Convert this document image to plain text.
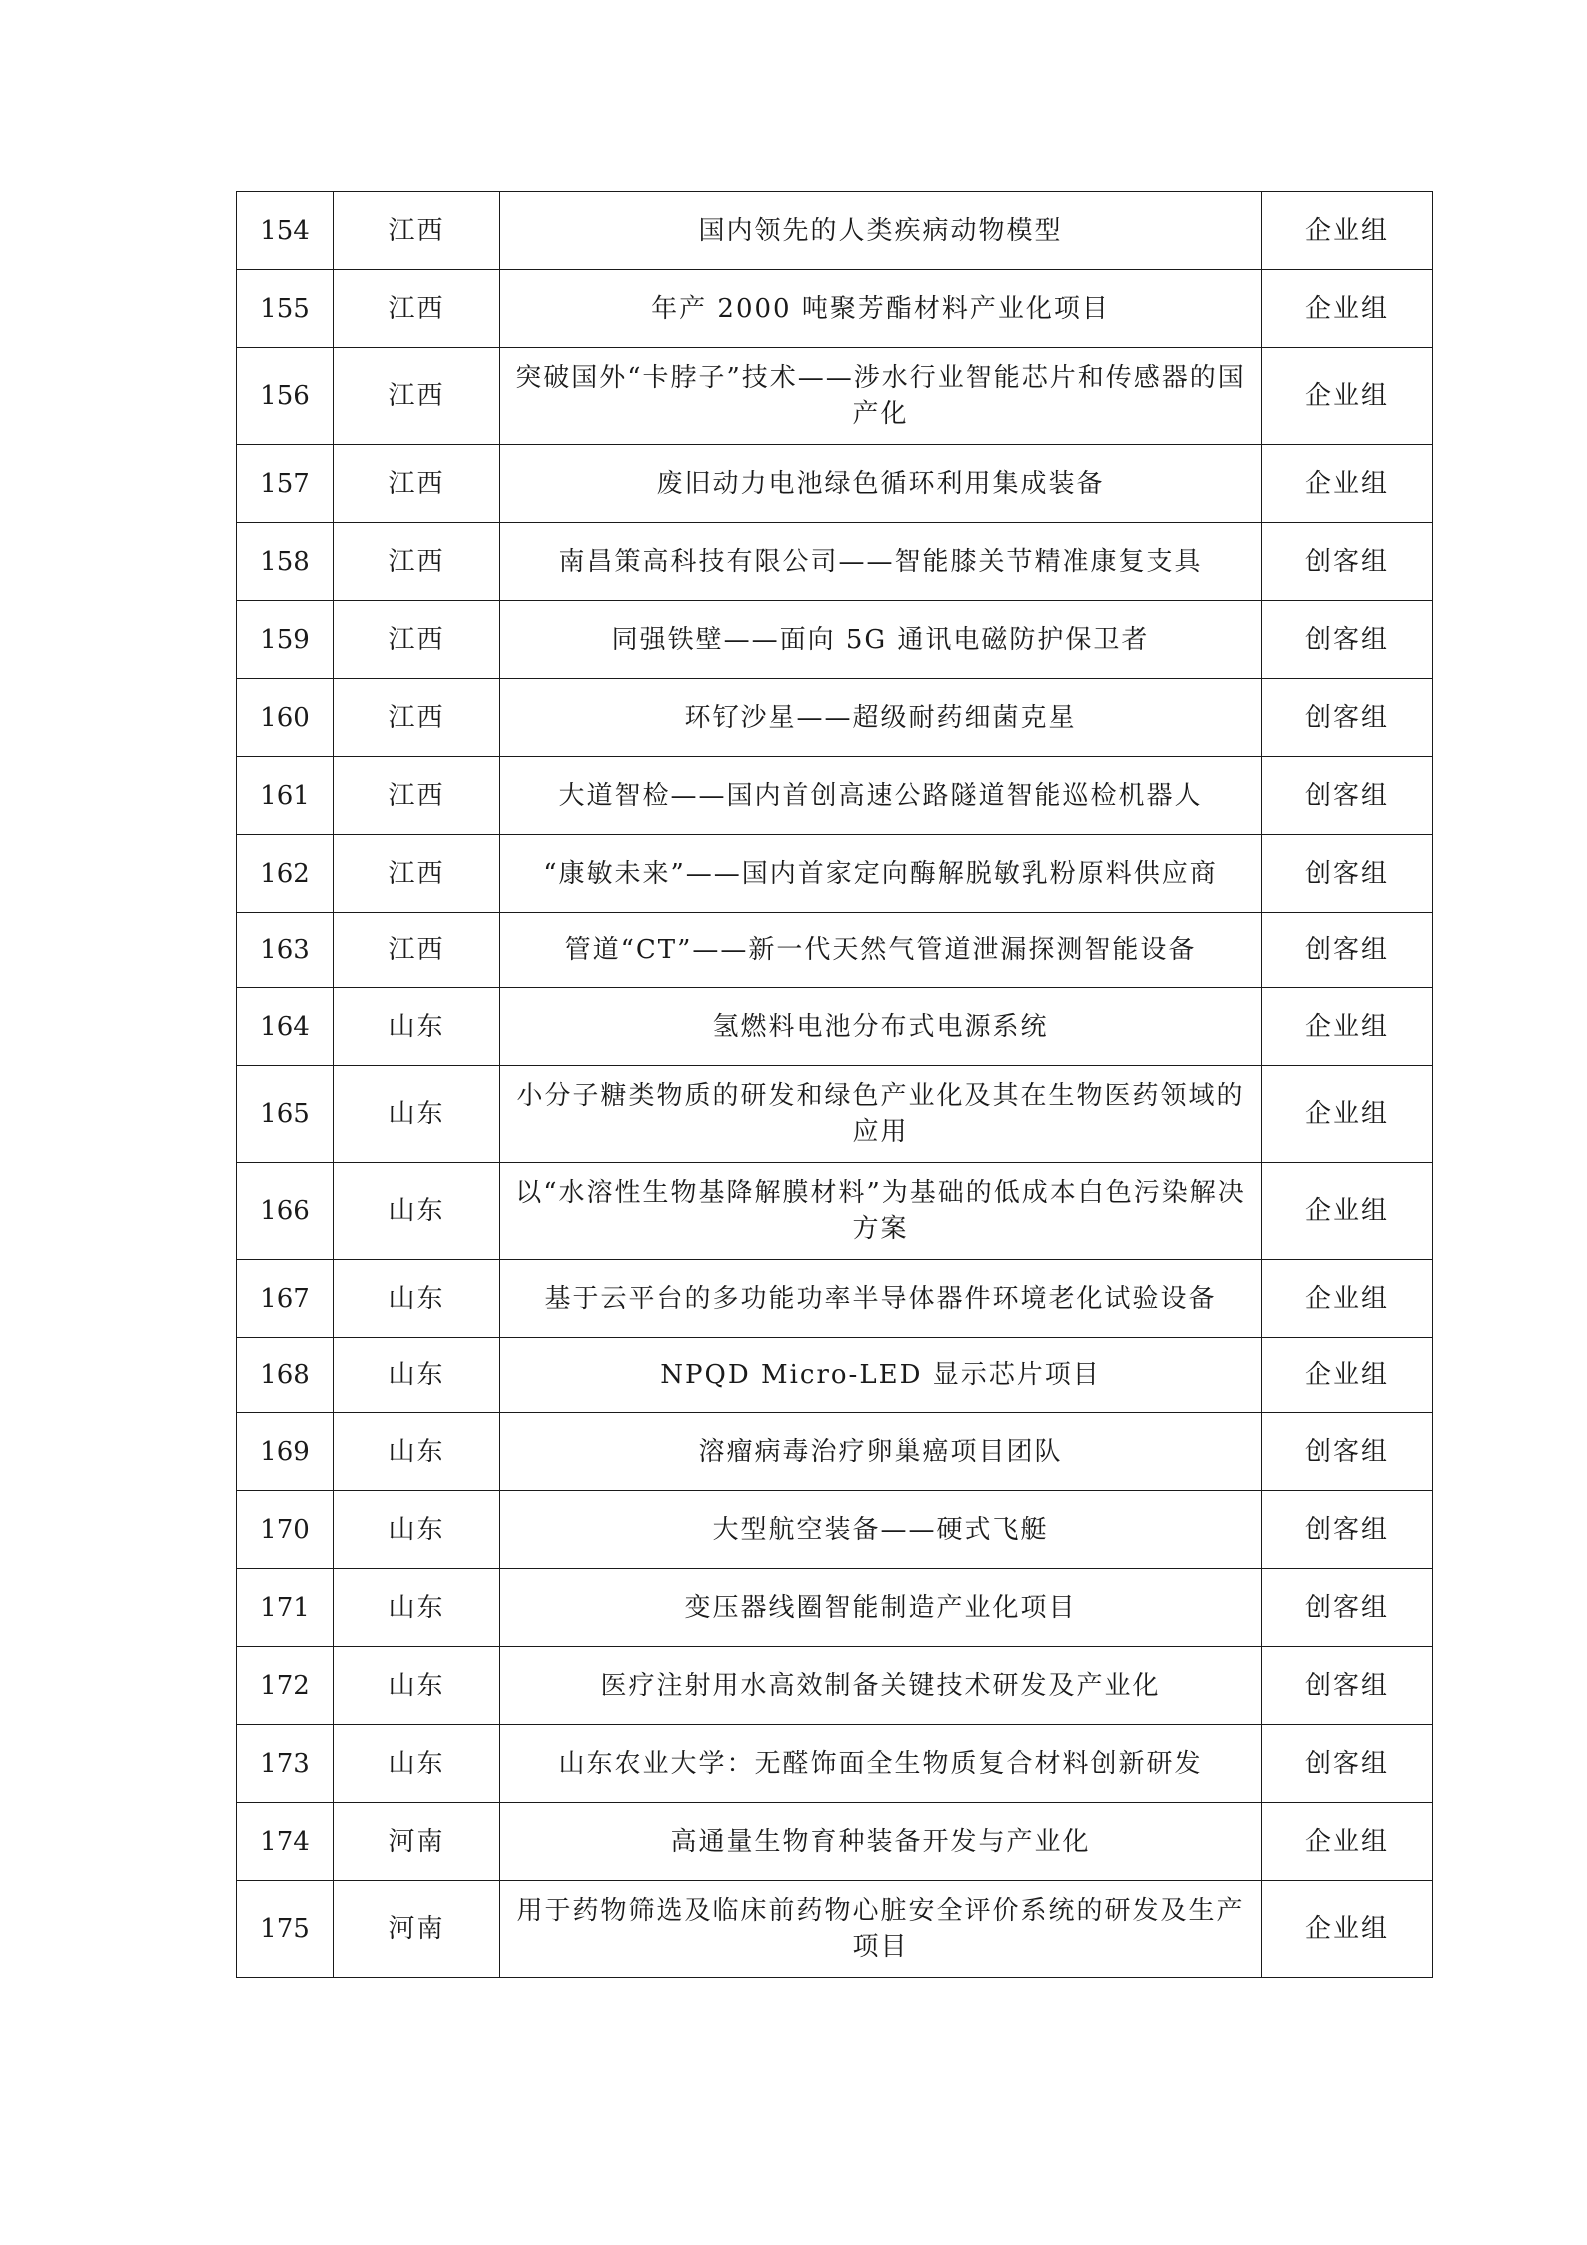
154	江西	国内领先的人类疾病动物模型	企业组
155	江西	年产 2000 吨聚芳酯材料产业化项目	企业组
156	江西	突破国外“卡脖子”技术——涉水行业智能芯片和传感器的国产化	企业组
157	江西	废旧动力电池绿色循环利用集成装备	企业组
158	江西	南昌策高科技有限公司——智能膝关节精准康复支具	创客组
159	江西	同强铁壁——面向 5G 通讯电磁防护保卫者	创客组
160	江西	环钌沙星——超级耐药细菌克星	创客组
161	江西	大道智检——国内首创高速公路隧道智能巡检机器人	创客组
162	江西	“康敏未来”——国内首家定向酶解脱敏乳粉原料供应商	创客组
163	江西	管道“CT”——新一代天然气管道泄漏探测智能设备	创客组
164	山东	氢燃料电池分布式电源系统	企业组
165	山东	小分子糖类物质的研发和绿色产业化及其在生物医药领域的应用	企业组
166	山东	以“水溶性生物基降解膜材料”为基础的低成本白色污染解决方案	企业组
167	山东	基于云平台的多功能功率半导体器件环境老化试验设备	企业组
168	山东	NPQD Micro-LED 显示芯片项目	企业组
169	山东	溶瘤病毒治疗卵巢癌项目团队	创客组
170	山东	大型航空装备——硬式飞艇	创客组
171	山东	变压器线圈智能制造产业化项目	创客组
172	山东	医疗注射用水高效制备关键技术研发及产业化	创客组
173	山东	山东农业大学：无醛饰面全生物质复合材料创新研发	创客组
174	河南	高通量生物育种装备开发与产业化	企业组
175	河南	用于药物筛选及临床前药物心脏安全评价系统的研发及生产项目	企业组
